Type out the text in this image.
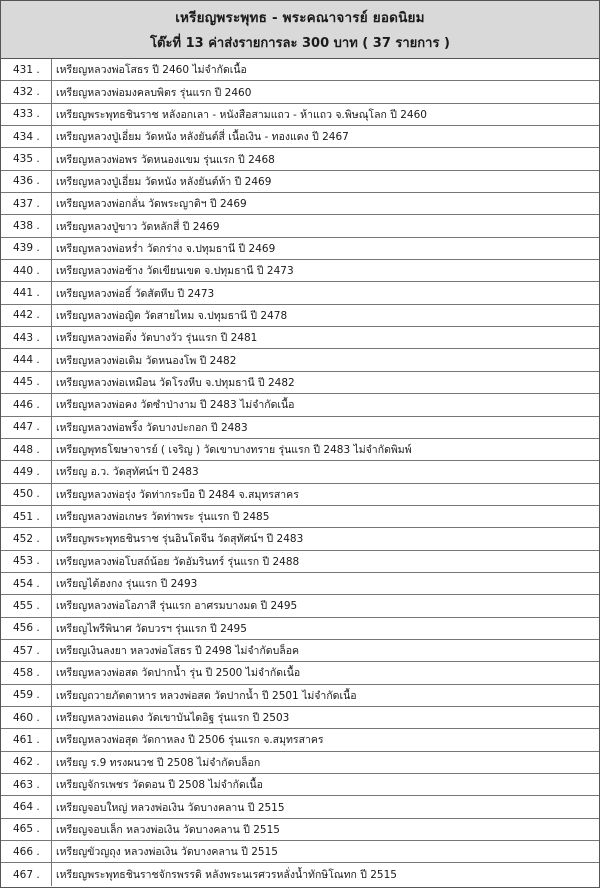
เหรียญพระพุทธ - พระคณาจารย์ ยอดนิยม
โต๊ะที่ 13 ค่าส่งรายการละ 300 บาท ( 37 รายการ )
431 .	เหรียญหลวงพ่อโสธร ปี 2460 ไม่จำกัดเนื้อ
432 .	เหรียญหลวงพ่อมงคลบพิตร รุ่นแรก ปี 2460
433 .	เหรียญพระพุทธชินราช หลังอกเลา - หนังสือสามแถว - ห้าแถว จ.พิษณุโลก ปี 2460
434 .	เหรียญหลวงปู่เอี่ยม วัดหนัง หลังยันต์สี่ เนื้อเงิน - ทองแดง ปี 2467
435 .	เหรียญหลวงพ่อพร วัดหนองแขม รุ่นแรก ปี 2468
436 .	เหรียญหลวงปู่เอี่ยม วัดหนัง หลังยันต์ห้า ปี 2469
437 .	เหรียญหลวงพ่อกลั่น วัดพระญาติฯ ปี 2469
438 .	เหรียญหลวงปู่ขาว วัดหลักสี่ ปี 2469
439 .	เหรียญหลวงพ่อหร่ำ วัดกร่าง จ.ปทุมธานี ปี 2469
440 .	เหรียญหลวงพ่อช้าง วัดเขียนเขต จ.ปทุมธานี ปี 2473
441 .	เหรียญหลวงพ่อธิ์ วัดสัตหีบ ปี 2473
442 .	เหรียญหลวงพ่อญิต วัดสายไหม จ.ปทุมธานี ปี 2478
443 .	เหรียญหลวงพ่อติ่ง วัดบางวัว รุ่นแรก ปี 2481
444 .	เหรียญหลวงพ่อเดิม วัดหนองโพ ปี 2482
445 .	เหรียญหลวงพ่อเหมือน วัดโรงหีบ จ.ปทุมธานี ปี 2482
446 .	เหรียญหลวงพ่อคง วัดซำป่างาม ปี 2483 ไม่จำกัดเนื้อ
447 .	เหรียญหลวงพ่อพริ้ง วัดบางปะกอก ปี 2483
448 .	เหรียญพุทธโฆษาจารย์ ( เจริญ ) วัดเขาบางทราย รุ่นแรก ปี 2483 ไม่จำกัดพิมพ์
449 .	เหรียญ อ.ว. วัดสุทัศน์ฯ ปี 2483
450 .	เหรียญหลวงพ่อรุ่ง วัดท่ากระบือ ปี 2484 จ.สมุทรสาคร
451 .	เหรียญหลวงพ่อเกษร วัดท่าพระ รุ่นแรก ปี 2485
452 .	เหรียญพระพุทธชินราช รุ่นอินโดจีน วัดสุทัศน์ฯ ปี 2483
453 .	เหรียญหลวงพ่อโบสถ์น้อย วัดอัมรินทร์ รุ่นแรก ปี 2488
454 .	เหรียญไต้ฮงกง รุ่นแรก ปี 2493
455 .	เหรียญหลวงพ่อโอภาสี รุ่นแรก อาศรมบางมด ปี 2495
456 .	เหรียญไพรีพินาศ วัดบวรฯ รุ่นแรก ปี 2495
457 .	เหรียญเงินลงยา หลวงพ่อโสธร ปี 2498 ไม่จำกัดบล็อค
458 .	เหรียญหลวงพ่อสด วัดปากน้ำ รุ่น ปี 2500 ไม่จำกัดเนื้อ
459 .	เหรียญถวายภัตตาหาร หลวงพ่อสด วัดปากน้ำ ปี 2501 ไม่จำกัดเนื้อ
460 .	เหรียญหลวงพ่อแดง วัดเขาบันไดอิฐ รุ่นแรก ปี 2503
461 .	เหรียญหลวงพ่อสุด วัดกาหลง ปี 2506 รุ่นแรก จ.สมุทรสาคร
462 .	เหรียญ ร.9 ทรงผนวช ปี 2508 ไม่จำกัดบล็อก
463 .	เหรียญจักรเพชร วัดดอน ปี 2508 ไม่จำกัดเนื้อ
464 .	เหรียญจอบใหญ่ หลวงพ่อเงิน วัดบางคลาน ปี 2515
465 .	เหรียญจอบเล็ก หลวงพ่อเงิน วัดบางคลาน ปี 2515
466 .	เหรียญขัวญถุง หลวงพ่อเงิน วัดบางคลาน ปี 2515
467 .	เหรียญพระพุทธชินราชจักรพรรดิ หลังพระนเรศวรหลั่งน้ำทักษิโณทก ปี 2515
